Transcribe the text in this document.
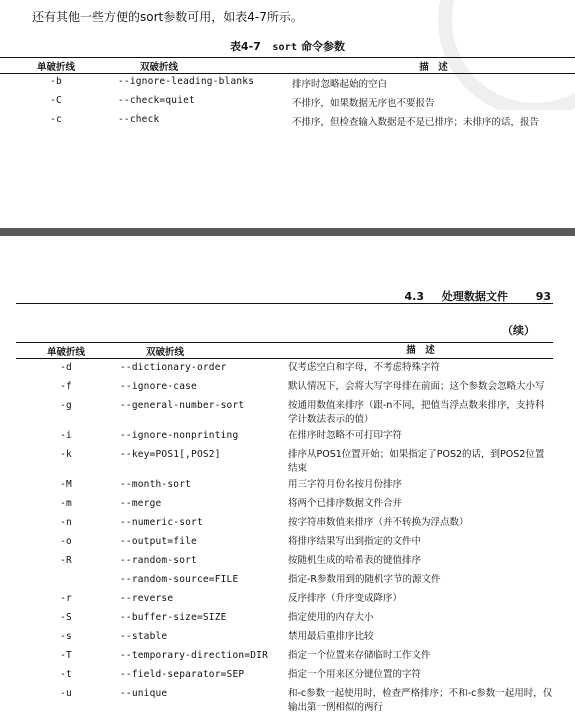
还有其他一些方便的sort参数可用，如表4-7所示。
表4-7 sort 命令参数
单破折线	双破折线	描　述
-b	--ignore-leading-blanks	排序时忽略起始的空白
-C	--check=quiet	不排序，如果数据无序也不要报告
-c	--check	不排序，但检查输入数据是不是已排序；未排序的话，报告
4.3 处理数据文件	93
（续）
单破折线	双破折线	描　述
-d	--dictionary-order	仅考虑空白和字母，不考虑特殊字符
-f	--ignore-case	默认情况下，会将大写字母排在前面；这个参数会忽略大小写
-g	--general-number-sort	按通用数值来排序（跟-n不同，把值当浮点数来排序，支持科学计数法表示的值）
-i	--ignore-nonprinting	在排序时忽略不可打印字符
-k	--key=POS1[,POS2]	排序从POS1位置开始；如果指定了POS2的话，到POS2位置结束
-M	--month-sort	用三字符月份名按月份排序
-m	--merge	将两个已排序数据文件合并
-n	--numeric-sort	按字符串数值来排序（并不转换为浮点数）
-o	--output=file	将排序结果写出到指定的文件中
-R	--random-sort	按随机生成的哈希表的键值排序
	--random-source=FILE	指定-R参数用到的随机字节的源文件
-r	--reverse	反序排序（升序变成降序）
-S	--buffer-size=SIZE	指定使用的内存大小
-s	--stable	禁用最后重排序比较
-T	--temporary-direction=DIR	指定一个位置来存储临时工作文件
-t	--field-separator=SEP	指定一个用来区分键位置的字符
-u	--unique	和-c参数一起使用时，检查严格排序；不和-c参数一起用时，仅输出第一例相似的两行
